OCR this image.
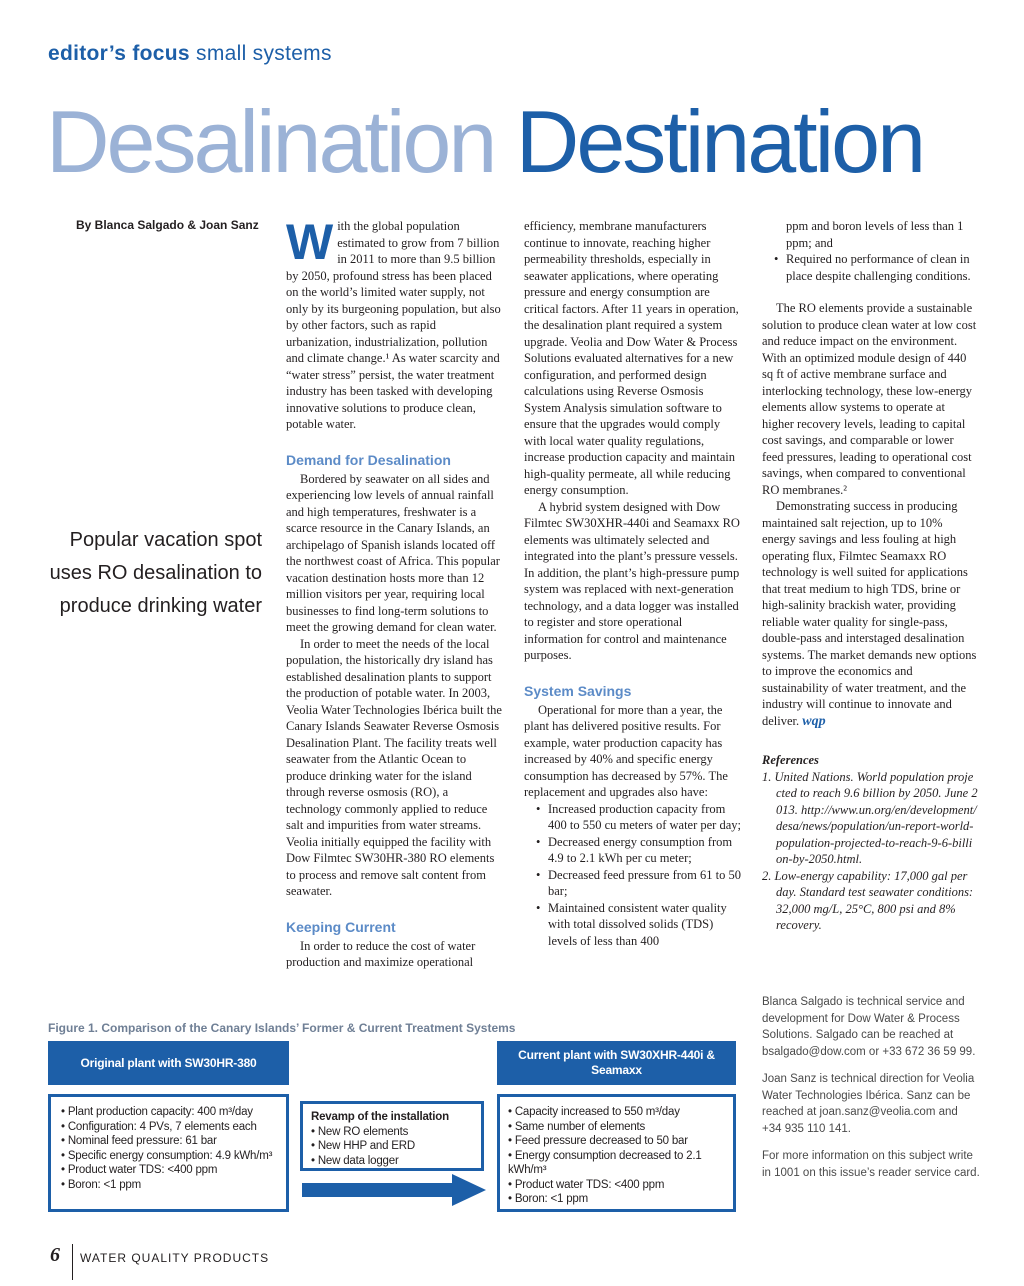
editor’s focus small systems
Desalination Destination
By Blanca Salgado & Joan Sanz
Popular vacation spot uses RO desalination to produce drinking water

With the global population estimated to grow from 7 billion in 2011 to more than 9.5 billion by 2050, profound stress has been placed on the world’s limited water supply, not only by its burgeoning population, but also by other factors, such as rapid urbanization, industrialization, pollution and climate change.¹ As water scarcity and “water stress” persist, the water treatment industry has been tasked with developing innovative solutions to produce clean, potable water.

Demand for Desalination

Bordered by seawater on all sides and experiencing low levels of annual rainfall and high temperatures, freshwater is a scarce resource in the Canary Islands, an archipelago of Spanish islands located off the northwest coast of Africa. This popular vacation destination hosts more than 12 million visitors per year, requiring local businesses to find long-term solutions to meet the growing demand for clean water.

In order to meet the needs of the local population, the historically dry island has established desalination plants to support the production of potable water. In 2003, Veolia Water Technologies Ibérica built the Canary Islands Seawater Reverse Osmosis Desalination Plant. The facility treats well seawater from the Atlantic Ocean to produce drinking water for the island through reverse osmosis (RO), a technology commonly applied to reduce salt and impurities from water streams. Veolia initially equipped the facility with Dow Filmtec SW30HR-380 RO elements to process and remove salt content from seawater.

Keeping Current

In order to reduce the cost of water production and maximize operational

efficiency, membrane manufacturers continue to innovate, reaching higher permeability thresholds, especially in seawater applications, where operating pressure and energy consumption are critical factors. After 11 years in operation, the desalination plant required a system upgrade. Veolia and Dow Water & Process Solutions evaluated alternatives for a new configuration, and performed design calculations using Reverse Osmosis System Analysis simulation software to ensure that the upgrades would comply with local water quality regulations, increase production capacity and maintain high-quality permeate, all while reducing energy consumption.

A hybrid system designed with Dow Filmtec SW30XHR-440i and Seamaxx RO elements was ultimately selected and integrated into the plant’s pressure vessels. In addition, the plant’s high-pressure pump system was replaced with next-generation technology, and a data logger was installed to register and store operational information for control and maintenance purposes.

System Savings

Operational for more than a year, the plant has delivered positive results. For example, water production capacity has increased by 40% and specific energy consumption has decreased by 57%. The replacement and upgrades also have:

• Increased production capacity from 400 to 550 cu meters of water per day;
• Decreased energy consumption from 4.9 to 2.1 kWh per cu meter;
• Decreased feed pressure from 61 to 50 bar;
• Maintained consistent water quality with total dissolved solids (TDS) levels of less than 400
ppm and boron levels of less than 1 ppm; and
• Required no performance of clean in place despite challenging conditions.

The RO elements provide a sustainable solution to produce clean water at low cost and reduce impact on the environment. With an optimized module design of 440 sq ft of active membrane surface and interlocking technology, these low-energy elements allow systems to operate at higher recovery levels, leading to capital cost savings, and comparable or lower feed pressures, leading to operational cost savings, when compared to conventional RO membranes.²

Demonstrating success in producing maintained salt rejection, up to 10% energy savings and less fouling at high operating flux, Filmtec Seamaxx RO technology is well suited for applications that treat medium to high TDS, brine or high-salinity brackish water, providing reliable water quality for single-pass, double-pass and interstaged desalination systems. The market demands new options to improve the economics and sustainability of water treatment, and the industry will continue to innovate and deliver. wqp

References
1. United Nations. World population projected to reach 9.6 billion by 2050. June 2013. http://www.un.org/en/development/desa/news/population/un-report-world-population-projected-to-reach-9-6-billion-by-2050.html.
2. Low-energy capability: 17,000 gal per day. Standard test seawater conditions: 32,000 mg/L, 25°C, 800 psi and 8% recovery.

Blanca Salgado is technical service and development for Dow Water & Process Solutions. Salgado can be reached at bsalgado@dow.com or +33 672 36 59 99.

Joan Sanz is technical direction for Veolia Water Technologies Ibérica. Sanz can be reached at joan.sanz@veolia.com and +34 935 110 141.

For more information on this subject write in 1001 on this issue’s reader service card.

Figure 1. Comparison of the Canary Islands’ Former & Current Treatment Systems
Original plant with SW30HR-380
• Plant production capacity: 400 m³/day
• Configuration: 4 PVs, 7 elements each
• Nominal feed pressure: 61 bar
• Specific energy consumption: 4.9 kWh/m³
• Product water TDS: <400 ppm
• Boron: <1 ppm
Revamp of the installation
• New RO elements
• New HHP and ERD
• New data logger
Current plant with SW30XHR-440i & Seamaxx
• Capacity increased to 550 m³/day
• Same number of elements
• Feed pressure decreased to 50 bar
• Energy consumption decreased to 2.1 kWh/m³
• Product water TDS: <400 ppm
• Boron: <1 ppm
6 WATER QUALITY PRODUCTS
